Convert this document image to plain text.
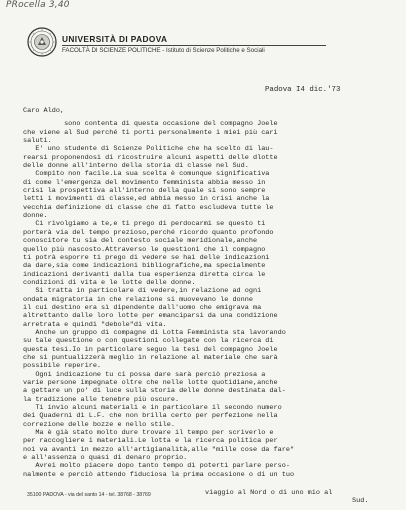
PRocella 3,40
UNIVERSITÀ DI PADOVA
FACOLTÀ DI SCIENZE POLITICHE - Istituto di Scienze Politiche e Sociali
Padova I4 dic.'73
Caro Aldo,
sono contenta di questa occasione del compagno Joele
che viene al Sud perché ti porti personalmente i miei più cari
saluti.
E' uno studente di Scienze Politiche che ha scelto di lau-
rearsi proponendosi di ricostruire alcuni aspetti delle dlotte
delle donne all'interno della storia di classe nel Sud.
Compito non facile.La sua scelta è comunque significativa
di come l'emergenza del movimento femminista abbia messo in
crisi la prospettiva all'interno della quale si sono sempre
letti i movimenti di classe,ed abbia messo in crisi anche la
vecchia definizione di classe che di fatto escludeva tutte le
donne.
Ci rivolgiamo a te,e ti prego di perdocarmi se questo ti
porterà via del tempo prezioso,perché ricordo quanto profondo
conoscitore tu sia del contesto sociale meridionale,anche
quello più nascosto.Attraverso le questioni che il compagno
ti potrà esporre ti prego di vedere se hai delle indicazioni
da dare,sia come indicazioni bibliografiche,ma specialmente
indicazioni derivanti dalla tua esperienza diretta circa le
condizioni di vita e le lotte delle donne.
Si tratta in particolare di vedere,in relazione ad ogni
ondata migratoria in che relazione si muovevano le donne
il cui destino era sì dipendente dall'uomo che emigrava ma
altrettanto dalle loro lotte per emanciparsi da una condizione
arretrata e quindi "debole"di vita.
Anche un gruppo di compagne di Lotta Femminista sta lavorando
su tale questione o con questioni collegate con la ricerca di
questa tesi.Io in particolare seguo la tesi del compagno Joele
che si puntualizzerà meglio in relazione al materiale che sarà
possibile reperire.
Ogni indicazione tu ci possa dare sarà perciò preziosa a
varie persone impegnate oltre che nelle lotte quotidiane,anche
a gettare un po' di luce sulla storia delle donne destinata dal-
la tradizione alle tenebre più oscure.
Ti invio alcuni materiali e in particolare il secondo numero
dei Quaderni di L.F. che non brilla certo per perfezione nella
correzione delle bozze e nello stile.
Ma è già stato molto dure trovare il tempo per scriverlo e
per raccogliere i materiali.Le lotta e la ricerca politica per
noi va avanti in mezzo all'artigianalità,alle "mille cose da fare"
e all'assenza o quasi di denaro proprio.
Avrei molto piacere dopo tanto tempo di poterti parlare perso-
nalmente e perciò attendo fiduciosa la prima occasione o di un tuo
35100 PADOVA - via del santo 14 - tel. 38768 - 38769	viaggio al Nord o di uno mio al
Sud.
